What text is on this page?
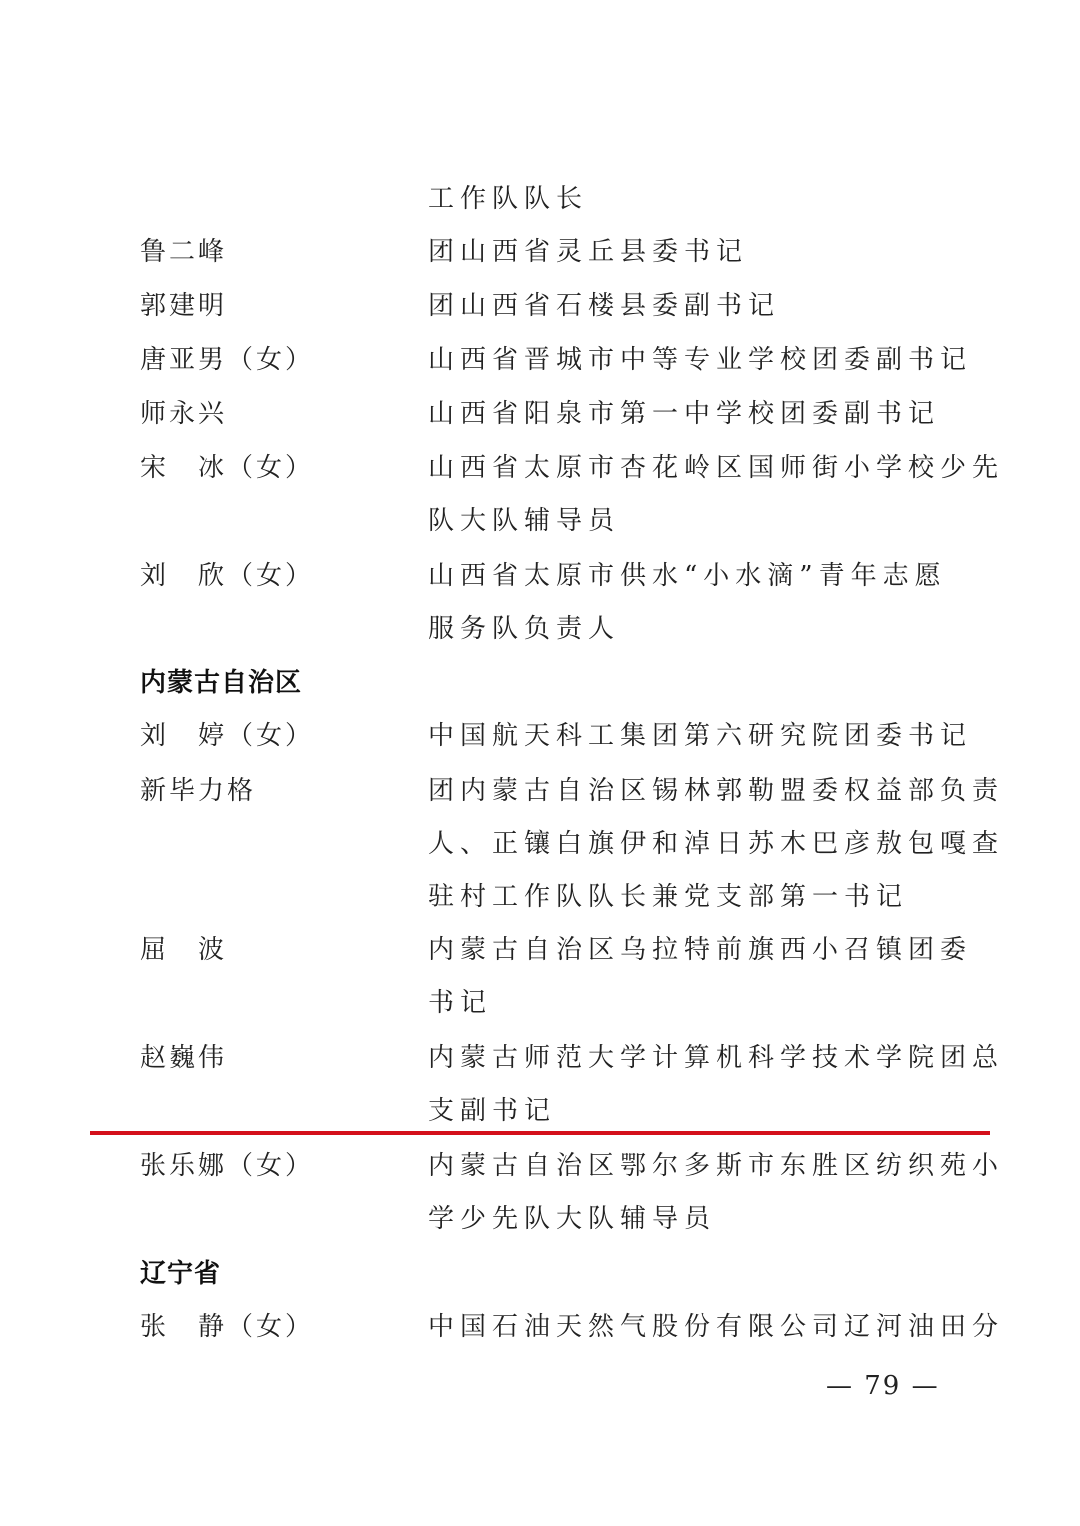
工作队队长
鲁二峰	团山西省灵丘县委书记
郭建明	团山西省石楼县委副书记
唐亚男（女）	山西省晋城市中等专业学校团委副书记
师永兴	山西省阳泉市第一中学校团委副书记
宋　冰（女）	山西省太原市杏花岭区国师街小学校少先
队大队辅导员
刘　欣（女）	山西省太原市供水“小水滴”青年志愿
服务队负责人
内蒙古自治区
刘　婷（女）	中国航天科工集团第六研究院团委书记
新毕力格	团内蒙古自治区锡林郭勒盟委权益部负责
人、正镶白旗伊和淖日苏木巴彦敖包嘎查
驻村工作队队长兼党支部第一书记
屈　波	内蒙古自治区乌拉特前旗西小召镇团委
书记
赵巍伟	内蒙古师范大学计算机科学技术学院团总
支副书记
张乐娜（女）	内蒙古自治区鄂尔多斯市东胜区纺织苑小
学少先队大队辅导员
辽宁省
张　静（女）	中国石油天然气股份有限公司辽河油田分
— 79 —
